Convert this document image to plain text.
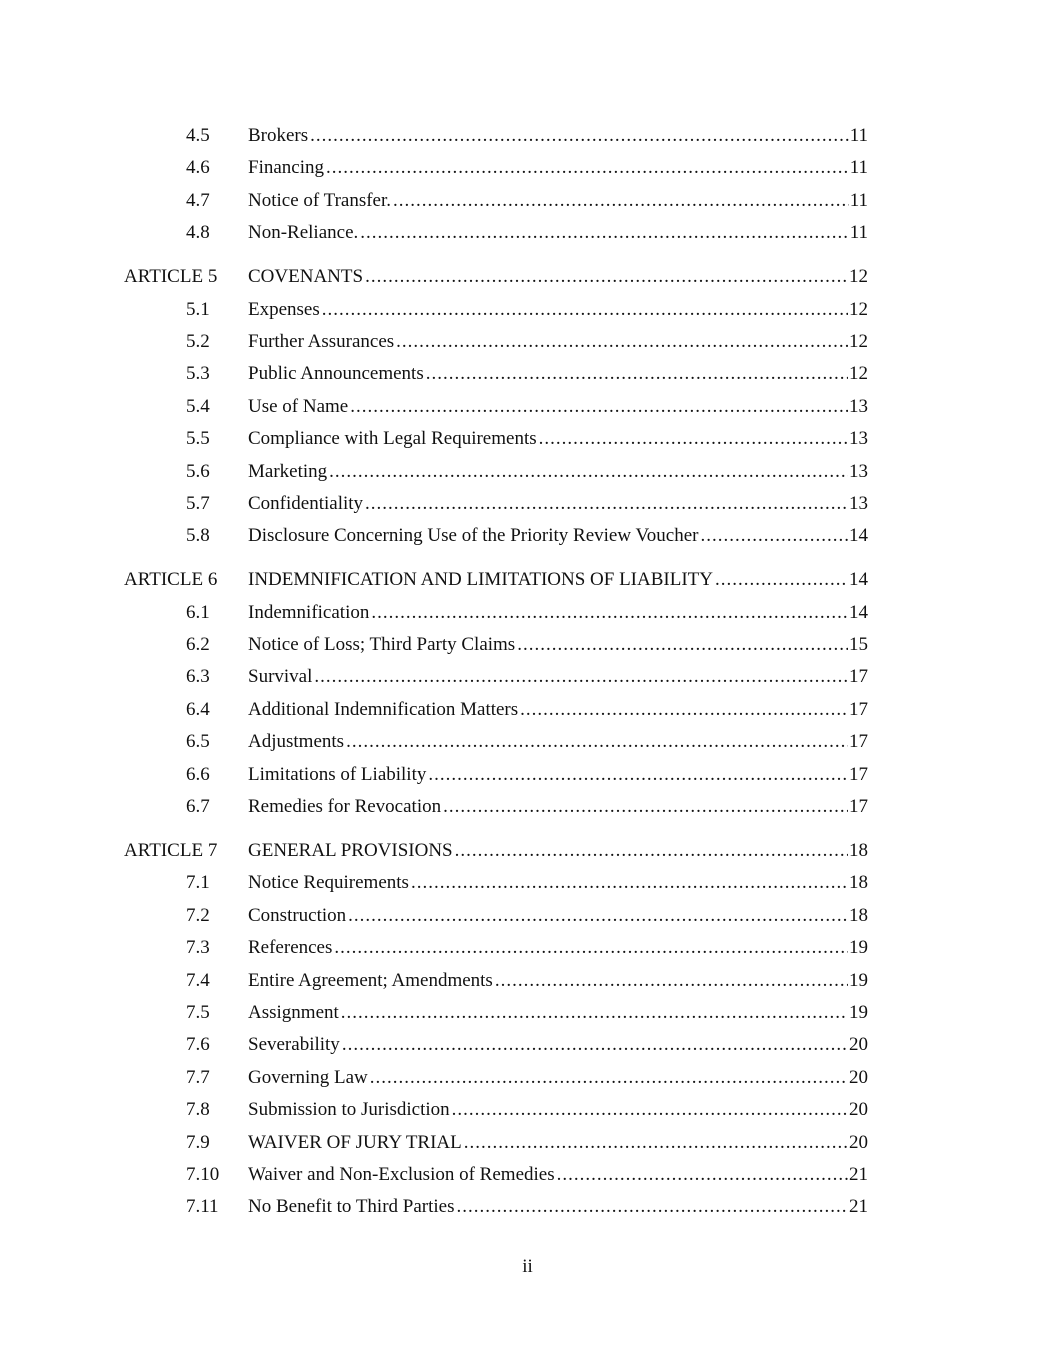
4.5 Brokers .....	11
4.6 Financing .....	11
4.7 Notice of Transfer. .....	11
4.8 Non-Reliance. .....	11
ARTICLE 5 COVENANTS .....	12
5.1 Expenses .....	12
5.2 Further Assurances .....	12
5.3 Public Announcements .....	12
5.4 Use of Name .....	13
5.5 Compliance with Legal Requirements .....	13
5.6 Marketing .....	13
5.7 Confidentiality .....	13
5.8 Disclosure Concerning Use of the Priority Review Voucher .....	14
ARTICLE 6 INDEMNIFICATION AND LIMITATIONS OF LIABILITY .....	14
6.1 Indemnification .....	14
6.2 Notice of Loss; Third Party Claims .....	15
6.3 Survival .....	17
6.4 Additional Indemnification Matters .....	17
6.5 Adjustments .....	17
6.6 Limitations of Liability .....	17
6.7 Remedies for Revocation .....	17
ARTICLE 7 GENERAL PROVISIONS .....	18
7.1 Notice Requirements .....	18
7.2 Construction .....	18
7.3 References .....	19
7.4 Entire Agreement; Amendments .....	19
7.5 Assignment .....	19
7.6 Severability .....	20
7.7 Governing Law .....	20
7.8 Submission to Jurisdiction .....	20
7.9 WAIVER OF JURY TRIAL .....	20
7.10 Waiver and Non-Exclusion of Remedies .....	21
7.11 No Benefit to Third Parties .....	21
ii
